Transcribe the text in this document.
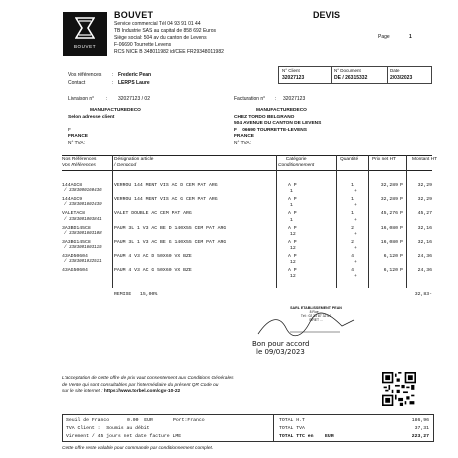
BOUVET
BOUVET
Service commercial Tél 04 93 91 01 44
TB Industrie SAS au capital de 858 692 Euros
Siège social: 504 av du canton de Levens
F-06690 Tourrette Levens
RCS NICE B 348011982 id/CEE FR29348011982
DEVIS
Page	1
N° Client
32027123
N° Document
DE / 26315332
Date
2/03/2023
Vos références : Frederic Pean
Contact	: LERPS Laure
Livraison n° : 32027123 / 02	Facturation n° : 32027123
MANUFACTUREDECO
Selon adresse client

F
FRANCE
N° TVA:
MANUFACTUREDECO
CHEZ TORDO BELGRANO
504 AVENUE DU CANTON DE LEVENS
F    06690 TOURRETTE-LEVENS
FRANCE
N° TVA:
Nos Références
Vos Références
Désignation article
/ Genocod
Catégorie
Conditionnement
Quantité	Prix net HT	Montant HT
144AGC8	VERROU 144 MENT VIS AC D CEM PAT ARG
/ 3383080160436
A P
1
1
+
32,289 P	32,29
144AGC9	VERROU 144 MENT VIS AC G CEM PAT ARG
/ 3383081602439
A P
1
1
+
32,289 P	32,29
VALETAC8	VALET DOUBLE AC CEM PAT ARG
/ 3383081803841
A P
1
1
+
45,276 P	45,27
3A3BD145C8	PAUM 3L 1 V3 AC BE D 140X55 CEM PAT ARG
/ 3383081603108
A P
12
2
+
16,080 P	32,16
3A3BG145C8	PAUM 3L 1 V3 AC BE G 140X55 CEM PAT ARG
/ 3383081603115
A P
12
2
+
16,080 P	32,16
43AD50604	PAUM 4 V3 AC D 50X60 VX BZE
/ 3383081932511
A P
12
4
+
6,120 P	24,36
43AG50604	PAUM 4 V3 AC G 50X60 VX BZE	A P
12
4
+
6,120 P	24,36
REMISE 15,00%	32,83-
SARL ETABLISSEMENT PEAN
8 Rue ...
Tél : 02 33 87 32 64
SIRET ...
Bon pour accord
le 09/03/2023
L'acceptation de cette offre de prix vaut consentement aux Conditions Générales
de Vente qui sont consultables par l'intermédiaire du présent QR Code ou
sur le site internet : https://www.torbel.com/cgv-10-22
Seuil de Franco	0.00  EUR	Port:Franco
TVA Client :  Soumis au débit
Virement / 45 jours net date facture LME
TOTAL H.T	186,96
TOTAL TVA	37,31
TOTAL TTC en    EUR	223,27
Cette offre reste valable pour commande par conditionnement complet.
